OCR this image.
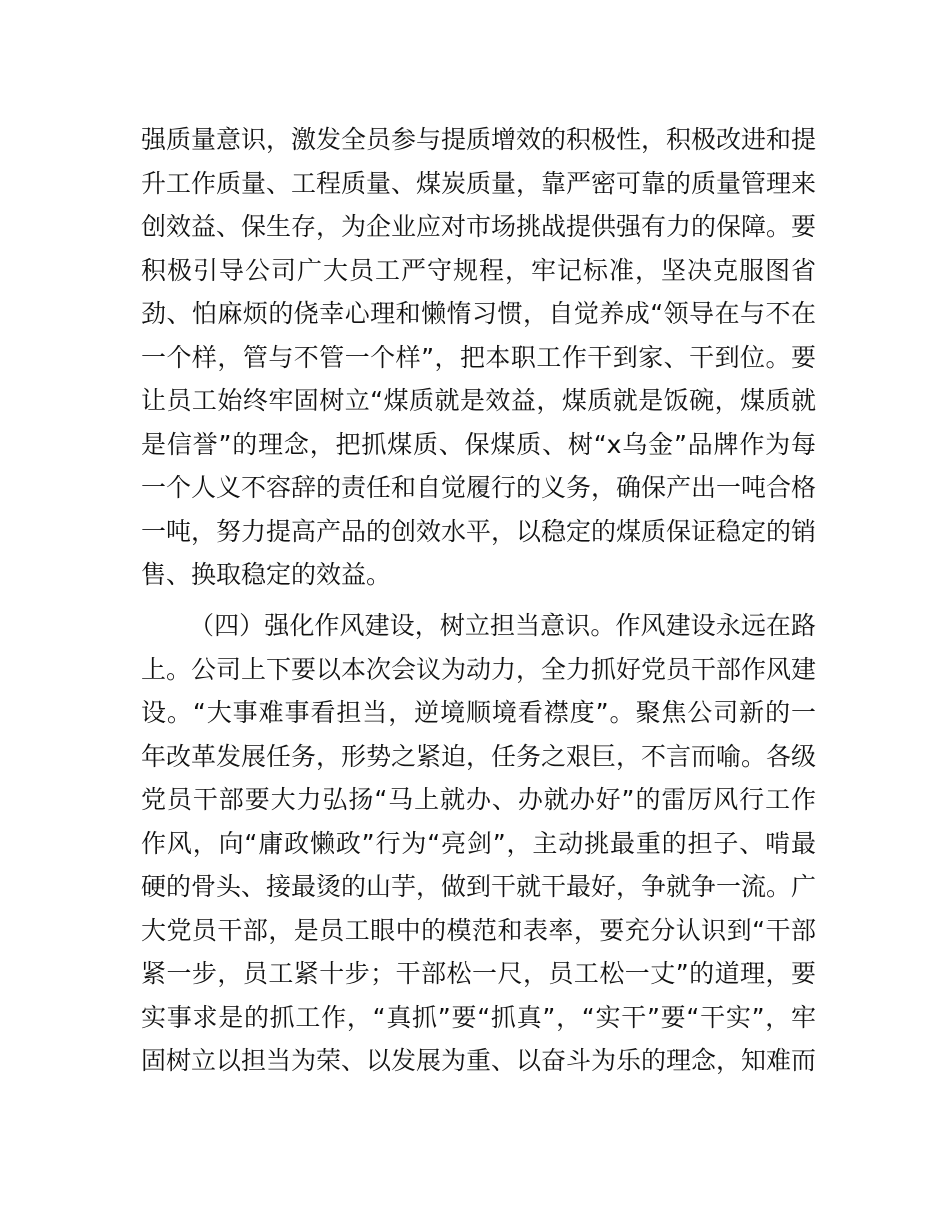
强质量意识，激发全员参与提质增效的积极性，积极改进和提
升工作质量、工程质量、煤炭质量，靠严密可靠的质量管理来
创效益、保生存，为企业应对市场挑战提供强有力的保障。要
积极引导公司广大员工严守规程，牢记标准，坚决克服图省
劲、怕麻烦的侥幸心理和懒惰习惯，自觉养成“领导在与不在
一个样，管与不管一个样”，把本职工作干到家、干到位。要
让员工始终牢固树立“煤质就是效益，煤质就是饭碗，煤质就
是信誉”的理念，把抓煤质、保煤质、树“x乌金”品牌作为每
一个人义不容辞的责任和自觉履行的义务，确保产出一吨合格
一吨，努力提高产品的创效水平，以稳定的煤质保证稳定的销
售、换取稳定的效益。
（四）强化作风建设，树立担当意识。作风建设永远在路
上。公司上下要以本次会议为动力，全力抓好党员干部作风建
设。“大事难事看担当，逆境顺境看襟度”。聚焦公司新的一
年改革发展任务，形势之紧迫，任务之艰巨，不言而喻。各级
党员干部要大力弘扬“马上就办、办就办好”的雷厉风行工作
作风，向“庸政懒政”行为“亮剑”，主动挑最重的担子、啃最
硬的骨头、接最烫的山芋，做到干就干最好，争就争一流。广
大党员干部，是员工眼中的模范和表率，要充分认识到“干部
紧一步，员工紧十步；干部松一尺，员工松一丈”的道理，要
实事求是的抓工作，“真抓”要“抓真”，“实干”要“干实”，牢
固树立以担当为荣、以发展为重、以奋斗为乐的理念，知难而
